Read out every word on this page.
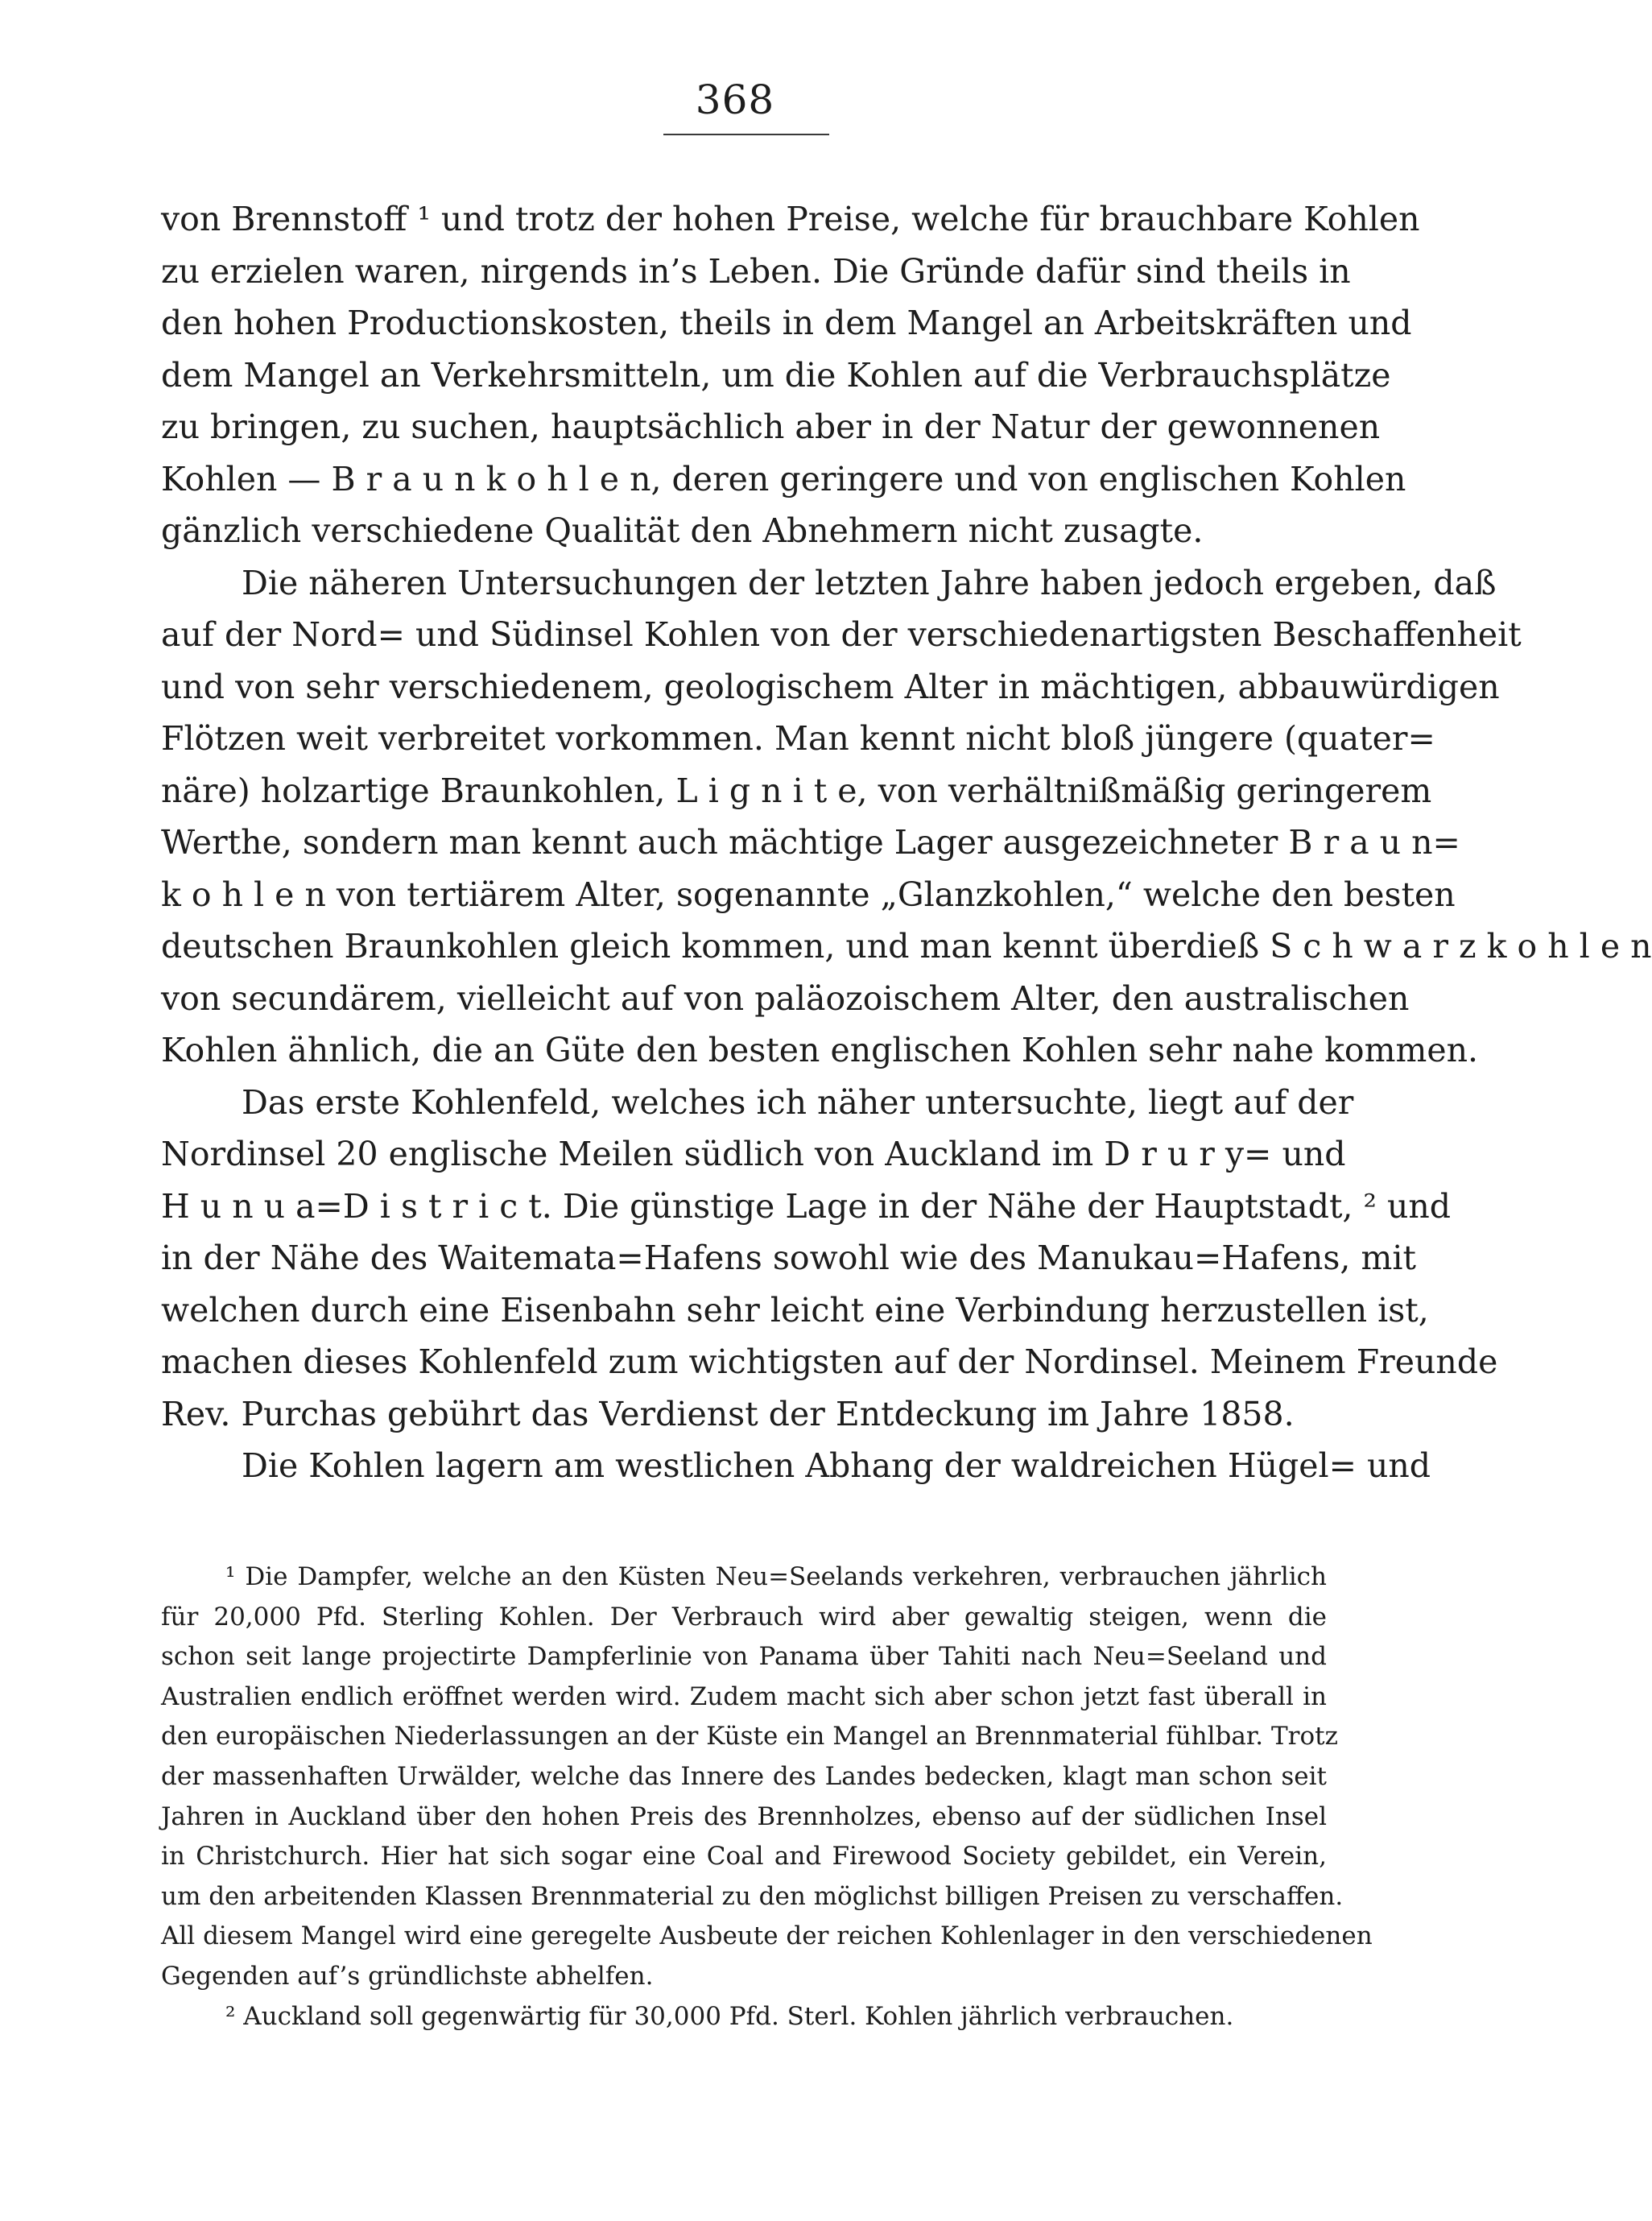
368
von Brennstoff ¹ und trotz der hohen Preise, welche für brauchbare Kohlen
zu erzielen waren, nirgends in’s Leben. Die Gründe dafür sind theils in
den hohen Productionskosten, theils in dem Mangel an Arbeitskräften und
dem Mangel an Verkehrsmitteln, um die Kohlen auf die Verbrauchsplätze
zu bringen, zu suchen, hauptsächlich aber in der Natur der gewonnenen
Kohlen — B r a u n k o h l e n, deren geringere und von englischen Kohlen
gänzlich verschiedene Qualität den Abnehmern nicht zusagte.
Die näheren Untersuchungen der letzten Jahre haben jedoch ergeben, daß
auf der Nord= und Südinsel Kohlen von der verschiedenartigsten Beschaffenheit
und von sehr verschiedenem, geologischem Alter in mächtigen, abbauwürdigen
Flötzen weit verbreitet vorkommen. Man kennt nicht bloß jüngere (quater=
näre) holzartige Braunkohlen, L i g n i t e, von verhältnißmäßig geringerem
Werthe, sondern man kennt auch mächtige Lager ausgezeichneter B r a u n=
k o h l e n von tertiärem Alter, sogenannte „Glanzkohlen,“ welche den besten
deutschen Braunkohlen gleich kommen, und man kennt überdieß S c h w a r z k o h l e n
von secundärem, vielleicht auf von paläozoischem Alter, den australischen
Kohlen ähnlich, die an Güte den besten englischen Kohlen sehr nahe kommen.
Das erste Kohlenfeld, welches ich näher untersuchte, liegt auf der
Nordinsel 20 englische Meilen südlich von Auckland im D r u r y= und
H u n u a=D i s t r i c t. Die günstige Lage in der Nähe der Hauptstadt, ² und
in der Nähe des Waitemata=Hafens sowohl wie des Manukau=Hafens, mit
welchen durch eine Eisenbahn sehr leicht eine Verbindung herzustellen ist,
machen dieses Kohlenfeld zum wichtigsten auf der Nordinsel. Meinem Freunde
Rev. Purchas gebührt das Verdienst der Entdeckung im Jahre 1858.
Die Kohlen lagern am westlichen Abhang der waldreichen Hügel= und
¹ Die Dampfer, welche an den Küsten Neu=Seelands verkehren, verbrauchen jährlich
für 20,000 Pfd. Sterling Kohlen. Der Verbrauch wird aber gewaltig steigen, wenn die
schon seit lange projectirte Dampferlinie von Panama über Tahiti nach Neu=Seeland und
Australien endlich eröffnet werden wird. Zudem macht sich aber schon jetzt fast überall in
den europäischen Niederlassungen an der Küste ein Mangel an Brennmaterial fühlbar. Trotz
der massenhaften Urwälder, welche das Innere des Landes bedecken, klagt man schon seit
Jahren in Auckland über den hohen Preis des Brennholzes, ebenso auf der südlichen Insel
in Christchurch. Hier hat sich sogar eine Coal and Firewood Society gebildet, ein Verein,
um den arbeitenden Klassen Brennmaterial zu den möglichst billigen Preisen zu verschaffen.
All diesem Mangel wird eine geregelte Ausbeute der reichen Kohlenlager in den verschiedenen
Gegenden auf’s gründlichste abhelfen.
² Auckland soll gegenwärtig für 30,000 Pfd. Sterl. Kohlen jährlich verbrauchen.
